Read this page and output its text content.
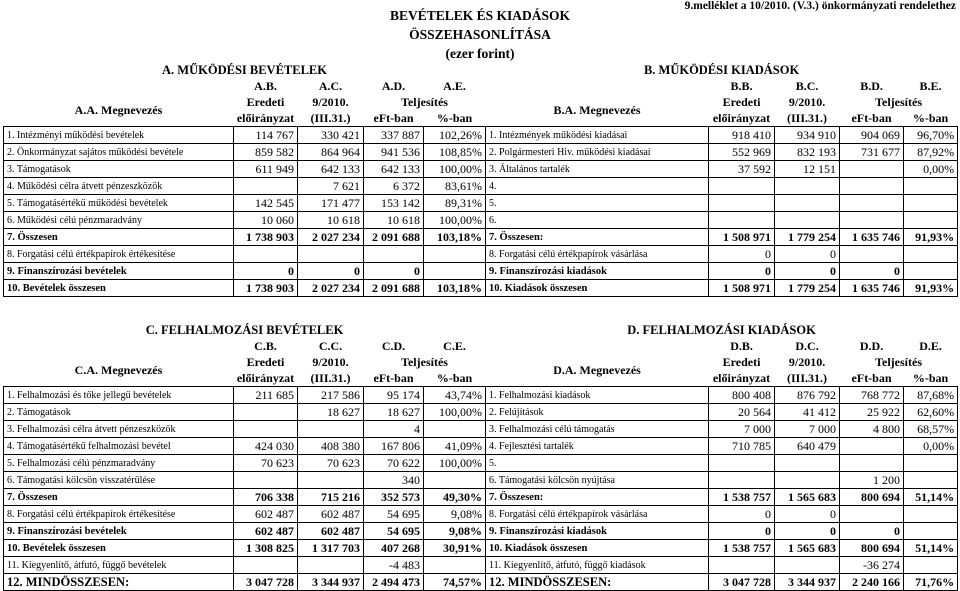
9.melléklet a 10/2010. (V.3.) önkormányzati rendelethez
BEVÉTELEK ÉS KIADÁSOK ÖSSZEHASONLÍTÁSA
(ezer forint)
A. MŰKÖDÉSI BEVÉTELEK					B. MŰKÖDÉSI KIADÁSOK				
	A.B.	A.C.	A.D.	A.E.		B.B.	B.C.	B.D.	B.E.
A.A. Megnevezés	Eredeti	9/2010.	Teljesítés		B.A. Megnevezés	Eredeti	9/2010.	Teljesítés	
	előirányzat	(III.31.)	eFt-ban	%-ban		előirányzat	(III.31.)	eFt-ban	%-ban
1. Intézményi működési bevételek	114 767	330 421	337 887	102,26%	1. Intézmények működési kiadásai	918 410	934 910	904 069	96,70%
2. Önkormányzat sajátos működési bevétele	859 582	864 964	941 536	108,85%	2. Polgármesteri Hiv. működési kiadásai	552 969	832 193	731 677	87,92%
3. Támogatások	611 949	642 133	642 133	100,00%	3. Általános tartalék	37 592	12 151		0,00%
4. Működési célra átvett pénzeszközök		7 621	6 372	83,61%	4.				
5. Támogatásértékű működési bevételek	142 545	171 477	153 142	89,31%	5.				
6. Működési célú pénzmaradvány	10 060	10 618	10 618	100,00%	6.				
7. Összesen	1 738 903	2 027 234	2 091 688	103,18%	7. Összesen:	1 508 971	1 779 254	1 635 746	91,93%
8. Forgatási célú értékpapírok értékesítése					8. Forgatási célú értékpapírok vásárlása	0	0		
9. Finanszírozási bevételek	0	0	0		9. Finanszírozási kiadások	0	0	0	
10. Bevételek összesen	1 738 903	2 027 234	2 091 688	103,18%	10. Kiadások összesen	1 508 971	1 779 254	1 635 746	91,93%
C. FELHALMOZÁSI BEVÉTELEK					D. FELHALMOZÁSI KIADÁSOK				
	C.B.	C.C.	C.D.	C.E.		D.B.	D.C.	D.D.	D.E.
C.A. Megnevezés	Eredeti	9/2010.	Teljesítés		D.A. Megnevezés	Eredeti	9/2010.	Teljesítés	
	előirányzat	(III.31.)	eFt-ban	%-ban		előirányzat	(III.31.)	eFt-ban	%-ban
1. Felhalmozási és tőke jellegű bevételek	211 685	217 586	95 174	43,74%	1. Felhalmozási kiadások	800 408	876 792	768 772	87,68%
2. Támogatások		18 627	18 627	100,00%	2. Felújítások	20 564	41 412	25 922	62,60%
3. Felhalmozási célra átvett pénzeszközök			4		3. Felhalmozási célú támogatás	7 000	7 000	4 800	68,57%
4. Támogatásértékű felhalmozási bevétel	424 030	408 380	167 806	41,09%	4. Fejlesztési tartalék	710 785	640 479		0,00%
5. Felhalmozási célú pénzmaradvány	70 623	70 623	70 622	100,00%	5.				
6. Támogatási kölcsön visszatérülése			340		6. Támogatási kölcsön nyújtása			1 200	
7. Összesen	706 338	715 216	352 573	49,30%	7. Összesen:	1 538 757	1 565 683	800 694	51,14%
8. Forgatási célú értékpapírok értékesítése	602 487	602 487	54 695	9,08%	8. Forgatási célú értékpapírok vásárlása	0	0		
9. Finanszírozási bevételek	602 487	602 487	54 695	9,08%	9. Finanszírozási kiadások	0	0	0	
10. Bevételek összesen	1 308 825	1 317 703	407 268	30,91%	10. Kiadások összesen	1 538 757	1 565 683	800 694	51,14%
11. Kiegyenlítő, átfutó, függő bevételek			-4 483		11. Kiegyenlítő, átfutó, függő kiadások			-36 274	
12. MINDÖSSZESEN:	3 047 728	3 344 937	2 494 473	74,57%	12. MINDÖSSZESEN:	3 047 728	3 344 937	2 240 166	71,76%
